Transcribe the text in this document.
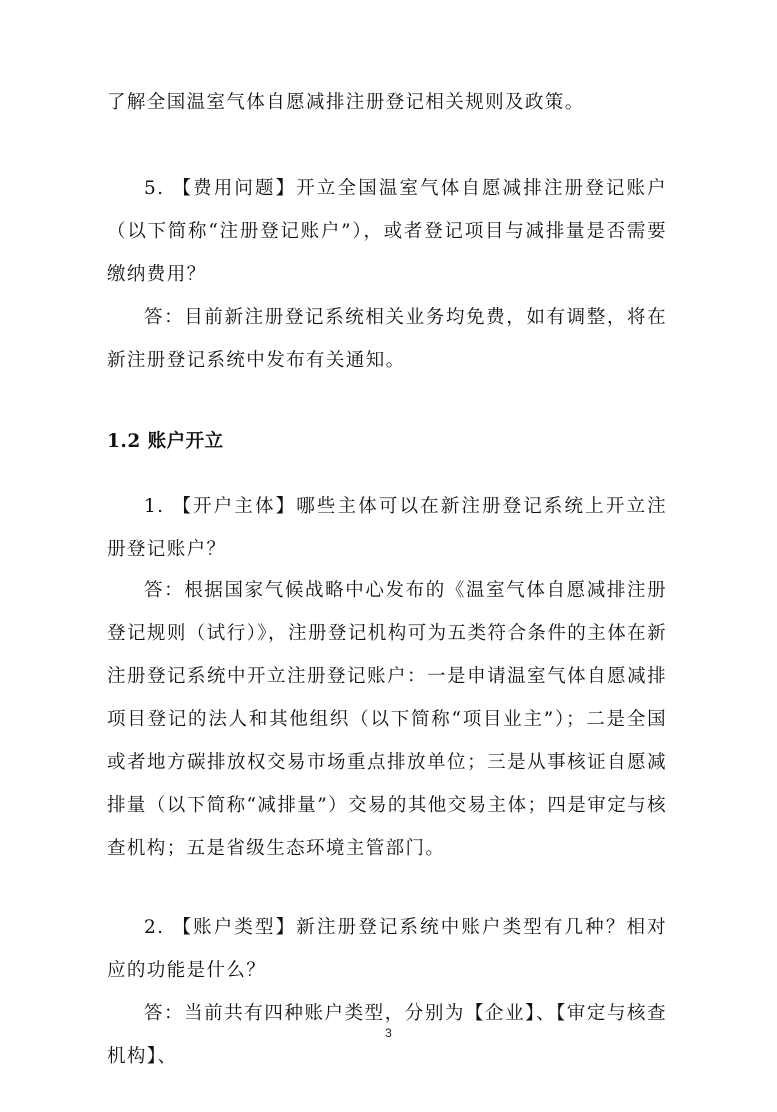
了解全国温室气体自愿减排注册登记相关规则及政策。

5. 【费用问题】开立全国温室气体自愿减排注册登记账户（以下简称“注册登记账户”），或者登记项目与减排量是否需要缴纳费用？

答：目前新注册登记系统相关业务均免费，如有调整，将在新注册登记系统中发布有关通知。

1.2 账户开立

1. 【开户主体】哪些主体可以在新注册登记系统上开立注册登记账户？

答：根据国家气候战略中心发布的《温室气体自愿减排注册登记规则（试行）》，注册登记机构可为五类符合条件的主体在新注册登记系统中开立注册登记账户：一是申请温室气体自愿减排项目登记的法人和其他组织（以下简称“项目业主”）；二是全国或者地方碳排放权交易市场重点排放单位；三是从事核证自愿减排量（以下简称“减排量”）交易的其他交易主体；四是审定与核查机构；五是省级生态环境主管部门。

2. 【账户类型】新注册登记系统中账户类型有几种？相对应的功能是什么？

答：当前共有四种账户类型，分别为【企业】、【审定与核查机构】、

3
